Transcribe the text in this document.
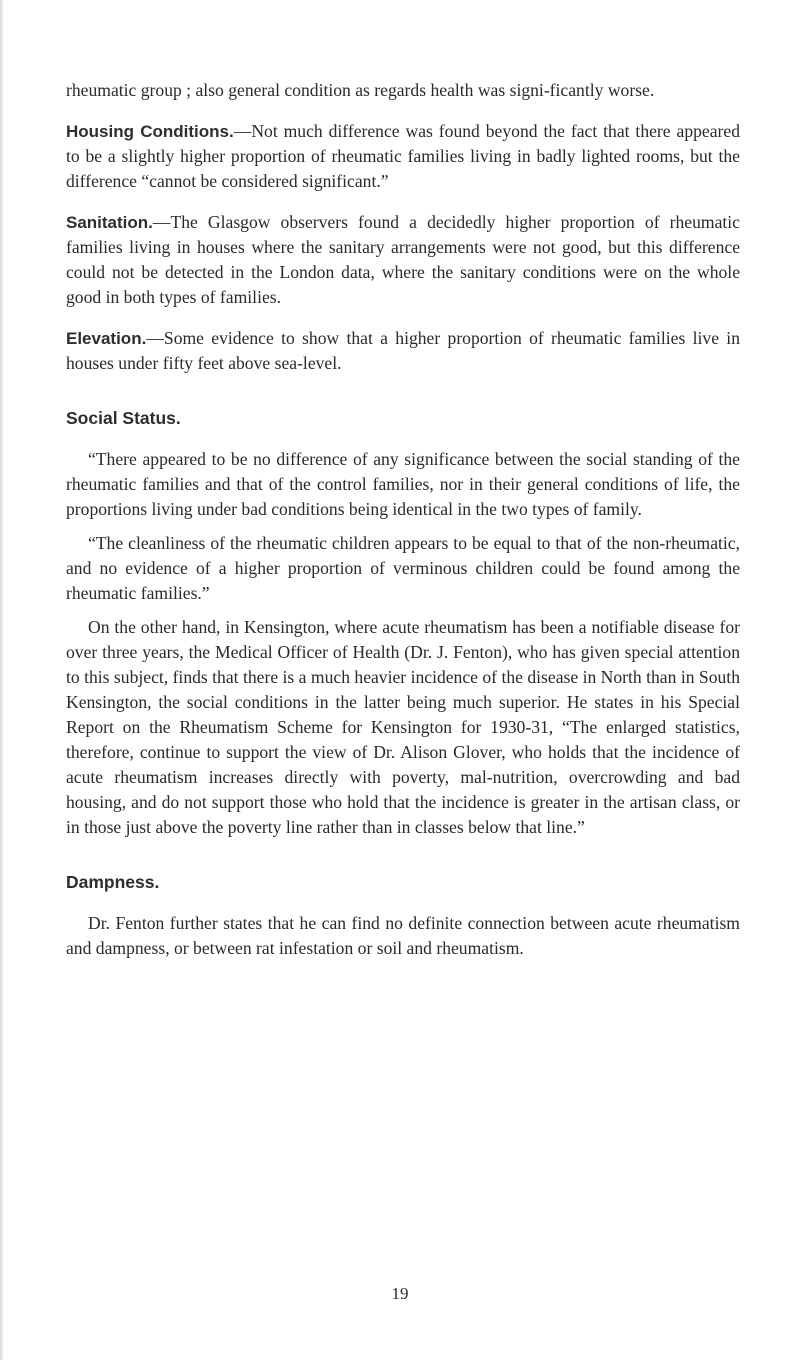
rheumatic group ; also general condition as regards health was signi-ficantly worse.

Housing Conditions.—Not much difference was found beyond the fact that there appeared to be a slightly higher proportion of rheumatic families living in badly lighted rooms, but the difference “cannot be considered significant.”

Sanitation.—The Glasgow observers found a decidedly higher proportion of rheumatic families living in houses where the sanitary arrangements were not good, but this difference could not be detected in the London data, where the sanitary conditions were on the whole good in both types of families.

Elevation.—Some evidence to show that a higher proportion of rheumatic families live in houses under fifty feet above sea-level.

Social Status.

“There appeared to be no difference of any significance between the social standing of the rheumatic families and that of the control families, nor in their general conditions of life, the proportions living under bad conditions being identical in the two types of family.

“The cleanliness of the rheumatic children appears to be equal to that of the non-rheumatic, and no evidence of a higher proportion of verminous children could be found among the rheumatic families.”

On the other hand, in Kensington, where acute rheumatism has been a notifiable disease for over three years, the Medical Officer of Health (Dr. J. Fenton), who has given special attention to this subject, finds that there is a much heavier incidence of the disease in North than in South Kensington, the social conditions in the latter being much superior. He states in his Special Report on the Rheumatism Scheme for Kensington for 1930-31, “The enlarged statistics, therefore, continue to support the view of Dr. Alison Glover, who holds that the incidence of acute rheumatism increases directly with poverty, mal-nutrition, overcrowding and bad housing, and do not support those who hold that the incidence is greater in the artisan class, or in those just above the poverty line rather than in classes below that line.”

Dampness.

Dr. Fenton further states that he can find no definite connection between acute rheumatism and dampness, or between rat infestation or soil and rheumatism.

19
